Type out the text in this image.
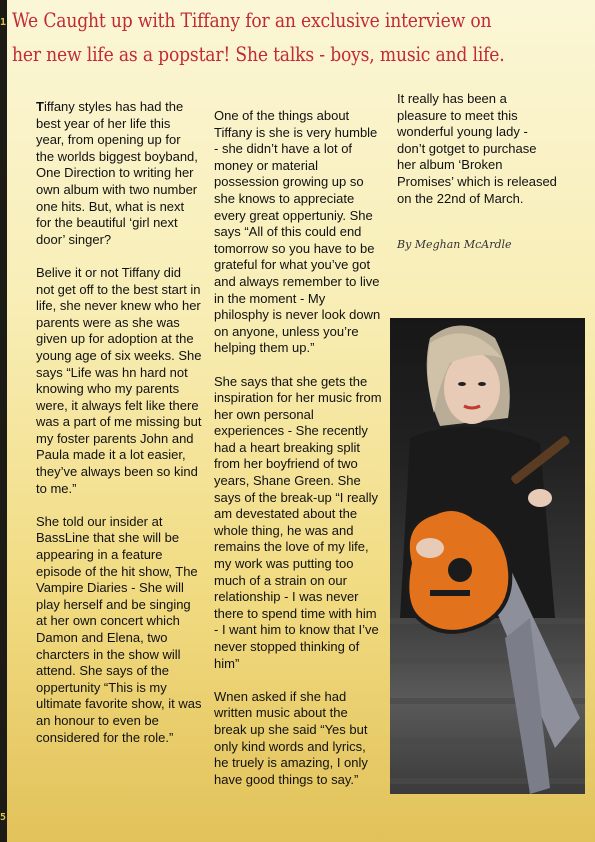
1
5
We Caught up with Tiffany for an exclusive interview on
her new life as a popstar! She talks - boys, music and life.

Tiffany styles has had the best year of her life this year, from opening up for the worlds biggest boyband, One Direction to writing her own album with two number one hits. But, what is next for the beautiful ‘girl next door’ singer?

Belive it or not Tiffany did not get off to the best start in life, she never knew who her parents were as she was given up for adoption at the young age of six weeks. She says “Life was hn hard not knowing who my parents were, it always felt like there was a part of me missing but my foster parents John and Paula made it a lot easier, they’ve always been so kind to me.”

She told our insider at BassLine that she will be appearing in a feature episode of the hit show, The Vampire Diaries - She will play herself and be singing at her own concert which Damon and Elena, two charcters in the show will attend. She says of the oppertunity “This is my ultimate favorite show, it was an honour to even be considered for the role.”

One of the things about Tiffany is she is very humble - she didn’t have a lot of money or material possession growing up so she knows to appreciate every great oppertuniy. She says “All of this could end tomorrow so you have to be grateful for what you’ve got and always remember to live in the moment - My philosphy is never look down on anyone, unless you’re helping them up.”

She says that she gets the inspiration for her music from her own personal experiences - She recently had a heart breaking split from her boyfriend of two years, Shane Green. She says of the break-up “I really am devestated about the whole thing, he was and remains the love of my life, my work was putting too much of a strain on our relationship - I was never there to spend time with him - I want him to know that I’ve never stopped thinking of him”

Wnen asked if she had written music about the break up she said “Yes but only kind words and lyrics, he truely is amazing, I only have good things to say.”

It really has been a pleasure to meet this wonderful young lady - don’t gotget to purchase her album ‘Broken Promises’ which is released on the 22nd of March.

By Meghan McArdle
